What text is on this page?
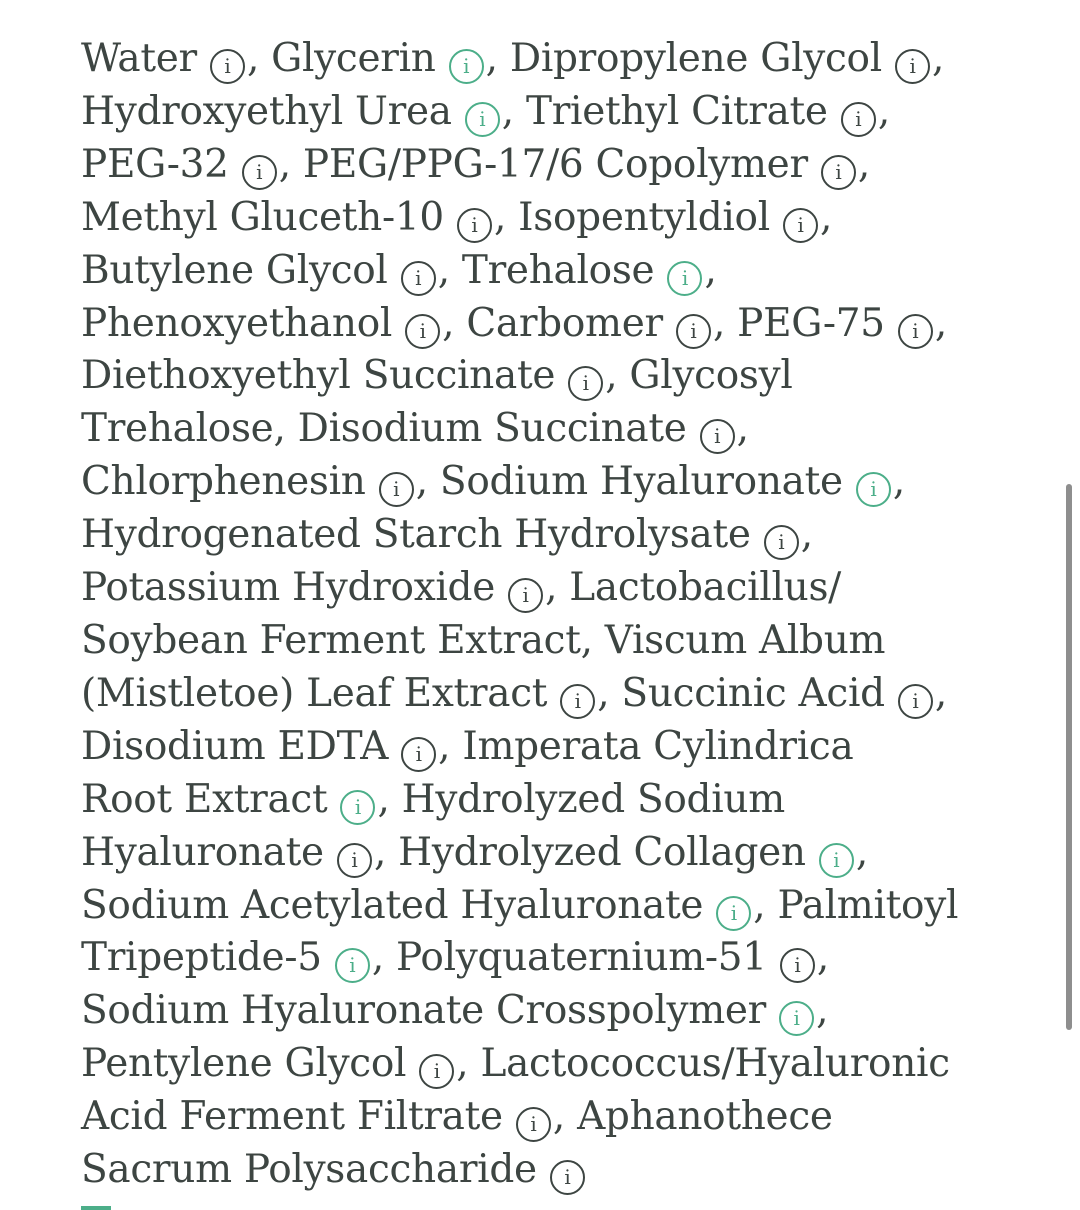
Water i , Glycerin i , Dipropylene Glycol i ,
Hydroxyethyl Urea i , Triethyl Citrate i ,
PEG-32 i , PEG/PPG-17/6 Copolymer i ,
Methyl Gluceth-10 i , Isopentyldiol i ,
Butylene Glycol i , Trehalose i ,
Phenoxyethanol i , Carbomer i , PEG-75 i ,
Diethoxyethyl Succinate i , Glycosyl
Trehalose, Disodium Succinate i ,
Chlorphenesin i , Sodium Hyaluronate i ,
Hydrogenated Starch Hydrolysate i ,
Potassium Hydroxide i , Lactobacillus/
Soybean Ferment Extract, Viscum Album
(Mistletoe) Leaf Extract i , Succinic Acid i ,
Disodium EDTA i , Imperata Cylindrica
Root Extract i , Hydrolyzed Sodium
Hyaluronate i , Hydrolyzed Collagen i ,
Sodium Acetylated Hyaluronate i , Palmitoyl
Tripeptide-5 i , Polyquaternium-51 i ,
Sodium Hyaluronate Crosspolymer i ,
Pentylene Glycol i , Lactococcus/Hyaluronic
Acid Ferment Filtrate i , Aphanothece
Sacrum Polysaccharide i
